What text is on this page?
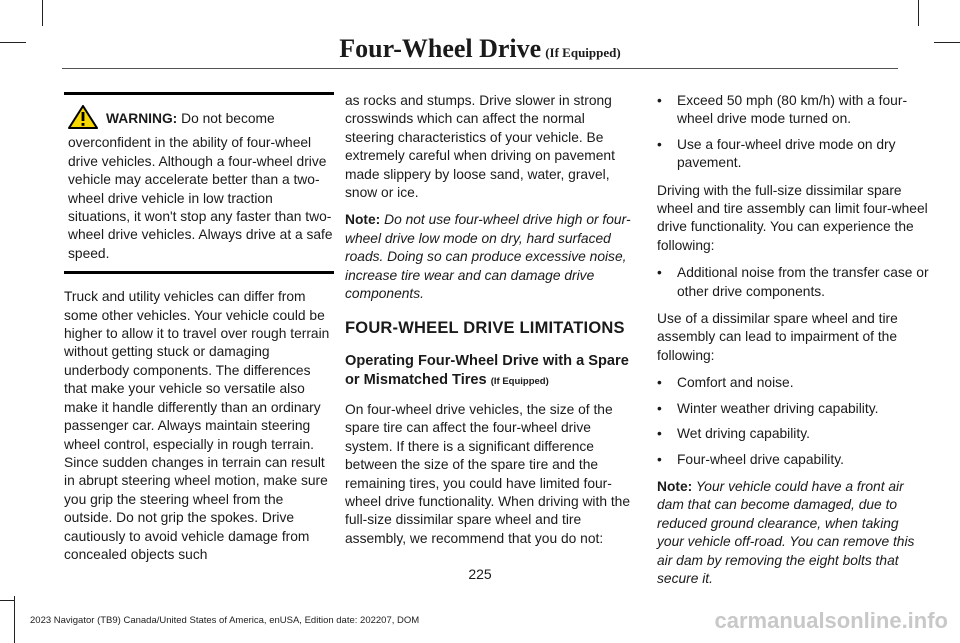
Four-Wheel Drive (If Equipped)
WARNING: Do not become overconfident in the ability of four-wheel drive vehicles. Although a four-wheel drive vehicle may accelerate better than a two-wheel drive vehicle in low traction situations, it won't stop any faster than two-wheel drive vehicles. Always drive at a safe speed.

Truck and utility vehicles can differ from some other vehicles. Your vehicle could be higher to allow it to travel over rough terrain without getting stuck or damaging underbody components. The differences that make your vehicle so versatile also make it handle differently than an ordinary passenger car. Always maintain steering wheel control, especially in rough terrain. Since sudden changes in terrain can result in abrupt steering wheel motion, make sure you grip the steering wheel from the outside. Do not grip the spokes. Drive cautiously to avoid vehicle damage from concealed objects such

as rocks and stumps. Drive slower in strong crosswinds which can affect the normal steering characteristics of your vehicle. Be extremely careful when driving on pavement made slippery by loose sand, water, gravel, snow or ice.

Note: Do not use four-wheel drive high or four-wheel drive low mode on dry, hard surfaced roads. Doing so can produce excessive noise, increase tire wear and can damage drive components.

FOUR-WHEEL DRIVE LIMITATIONS
Operating Four-Wheel Drive with a Spare or Mismatched Tires (If Equipped)

On four-wheel drive vehicles, the size of the spare tire can affect the four-wheel drive system. If there is a significant difference between the size of the spare tire and the remaining tires, you could have limited four-wheel drive functionality. When driving with the full-size dissimilar spare wheel and tire assembly, we recommend that you do not:

• Exceed 50 mph (80 km/h) with a four-wheel drive mode turned on.
• Use a four-wheel drive mode on dry pavement.

Driving with the full-size dissimilar spare wheel and tire assembly can limit four-wheel drive functionality. You can experience the following:

• Additional noise from the transfer case or other drive components.

Use of a dissimilar spare wheel and tire assembly can lead to impairment of the following:

• Comfort and noise.
• Winter weather driving capability.
• Wet driving capability.
• Four-wheel drive capability.

Note: Your vehicle could have a front air dam that can become damaged, due to reduced ground clearance, when taking your vehicle off-road. You can remove this air dam by removing the eight bolts that secure it.

225
2023 Navigator (TB9) Canada/United States of America, enUSA, Edition date: 202207, DOM	carmanualsonline.info
